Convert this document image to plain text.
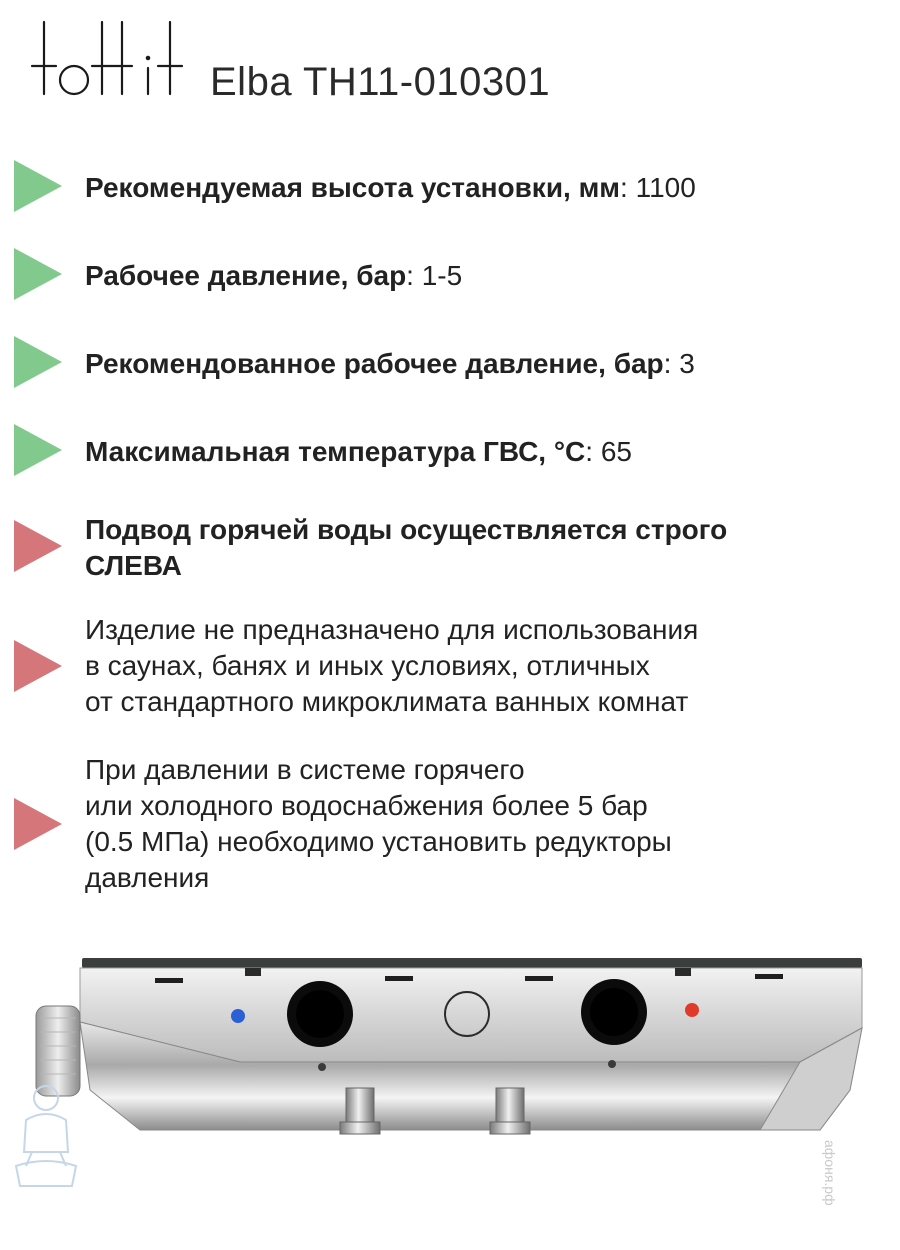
Elba TH11-010301
Рекомендуемая высота установки, мм: 1100
Рабочее давление, бар: 1-5
Рекомендованное рабочее давление, бар: 3
Максимальная температура ГВС, °С: 65
Подвод горячей воды осуществляется строго
СЛЕВА
Изделие не предназначено для использования
в саунах, банях и иных условиях, отличных
от стандартного микроклимата ванных комнат
При давлении в системе горячего
или холодного водоснабжения более 5 бар
(0.5 МПа) необходимо установить редукторы
давления
афоня.рф
